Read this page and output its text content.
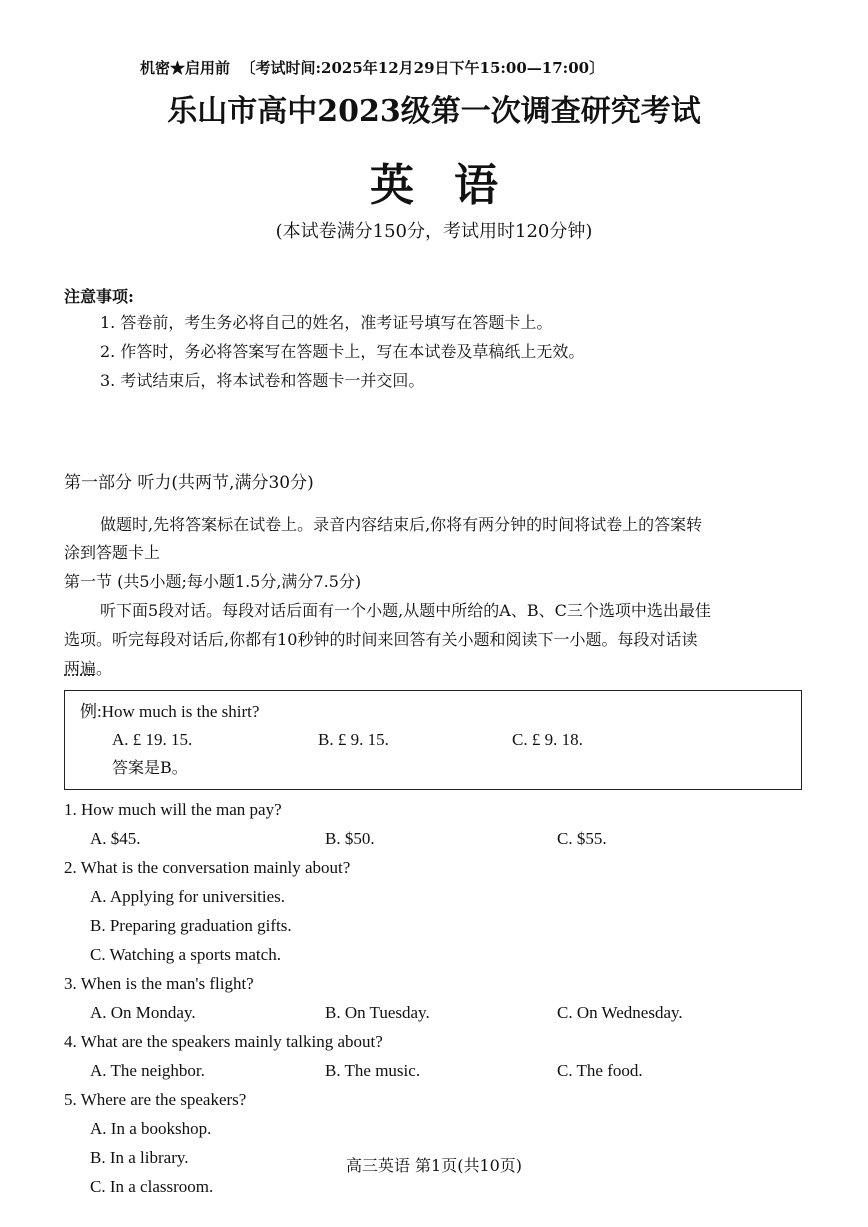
机密★启用前 〔考试时间:2025年12月29日下午15:00—17:00〕
乐山市高中2023级第一次调查研究考试
英语
(本试卷满分150分，考试用时120分钟)
注意事项:
1. 答卷前，考生务必将自己的姓名，准考证号填写在答题卡上。
2. 作答时，务必将答案写在答题卡上，写在本试卷及草稿纸上无效。
3. 考试结束后，将本试卷和答题卡一并交回。
第一部分 听力(共两节,满分30分)
做题时,先将答案标在试卷上。录音内容结束后,你将有两分钟的时间将试卷上的答案转
涂到答题卡上
第一节 (共5小题;每小题1.5分,满分7.5分)
听下面5段对话。每段对话后面有一个小题,从题中所给的A、B、C三个选项中选出最佳
选项。听完每段对话后,你都有10秒钟的时间来回答有关小题和阅读下一小题。每段对话读
两遍。
例:How much is the shirt?
A. £ 19. 15.	B. £ 9. 15.	C. £ 9. 18.
答案是B。
1. How much will the man pay?
A. $45.	B. $50.	C. $55.
2. What is the conversation mainly about?
A. Applying for universities.
B. Preparing graduation gifts.
C. Watching a sports match.
3. When is the man's flight?
A. On Monday.	B. On Tuesday.	C. On Wednesday.
4. What are the speakers mainly talking about?
A. The neighbor.	B. The music.	C. The food.
5. Where are the speakers?
A. In a bookshop.
B. In a library.
C. In a classroom.
高三英语 第1页(共10页)
